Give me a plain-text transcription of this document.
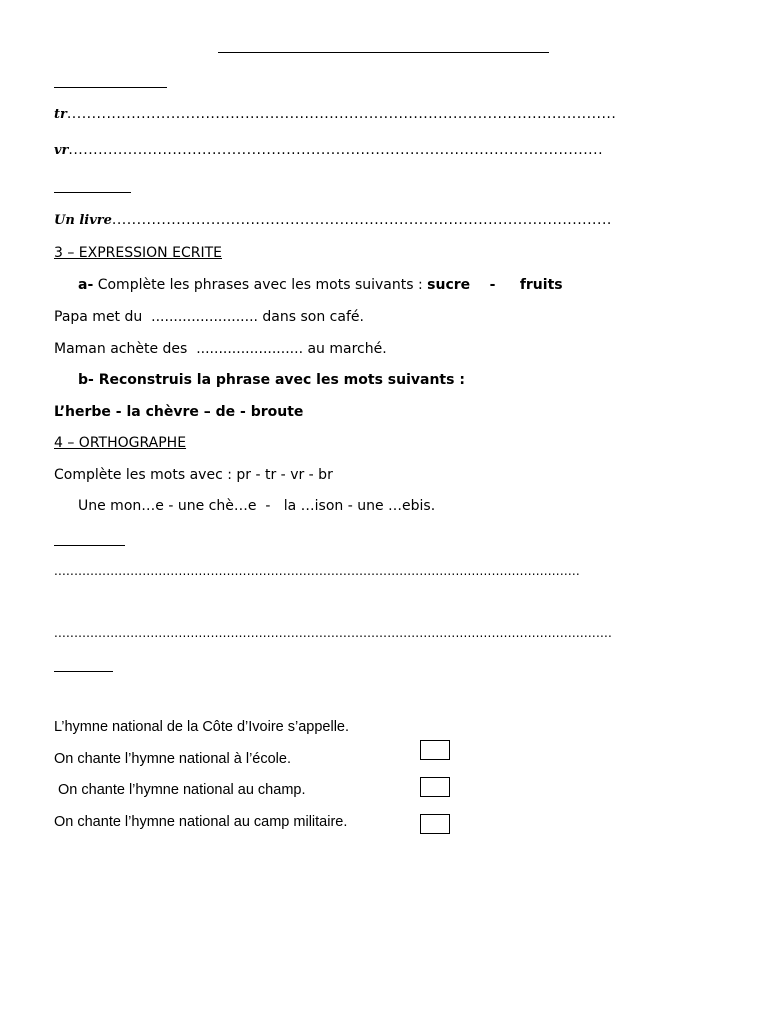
tr...............................................................................................................
vr............................................................................................................
Un livre.....................................................................................................
3 – EXPRESSION ECRITE
a- Complète les phrases avec les mots suivants : sucre    -     fruits
Papa met du  ........................ dans son café.
Maman achète des  ........................ au marché.
b- Reconstruis la phrase avec les mots suivants :
L’herbe - la chèvre – de - broute
4 – ORTHOGRAPHE
Complète les mots avec : pr - tr - vr - br
Une mon…e - une chè…e  -   la …ison - une …ebis.
...................................................................................................................................
...........................................................................................................................................
L’hymne national de la Côte d’Ivoire s’appelle.
On chante l’hymne national à l’école.
On chante l’hymne national au champ.
On chante l’hymne national au camp militaire.
